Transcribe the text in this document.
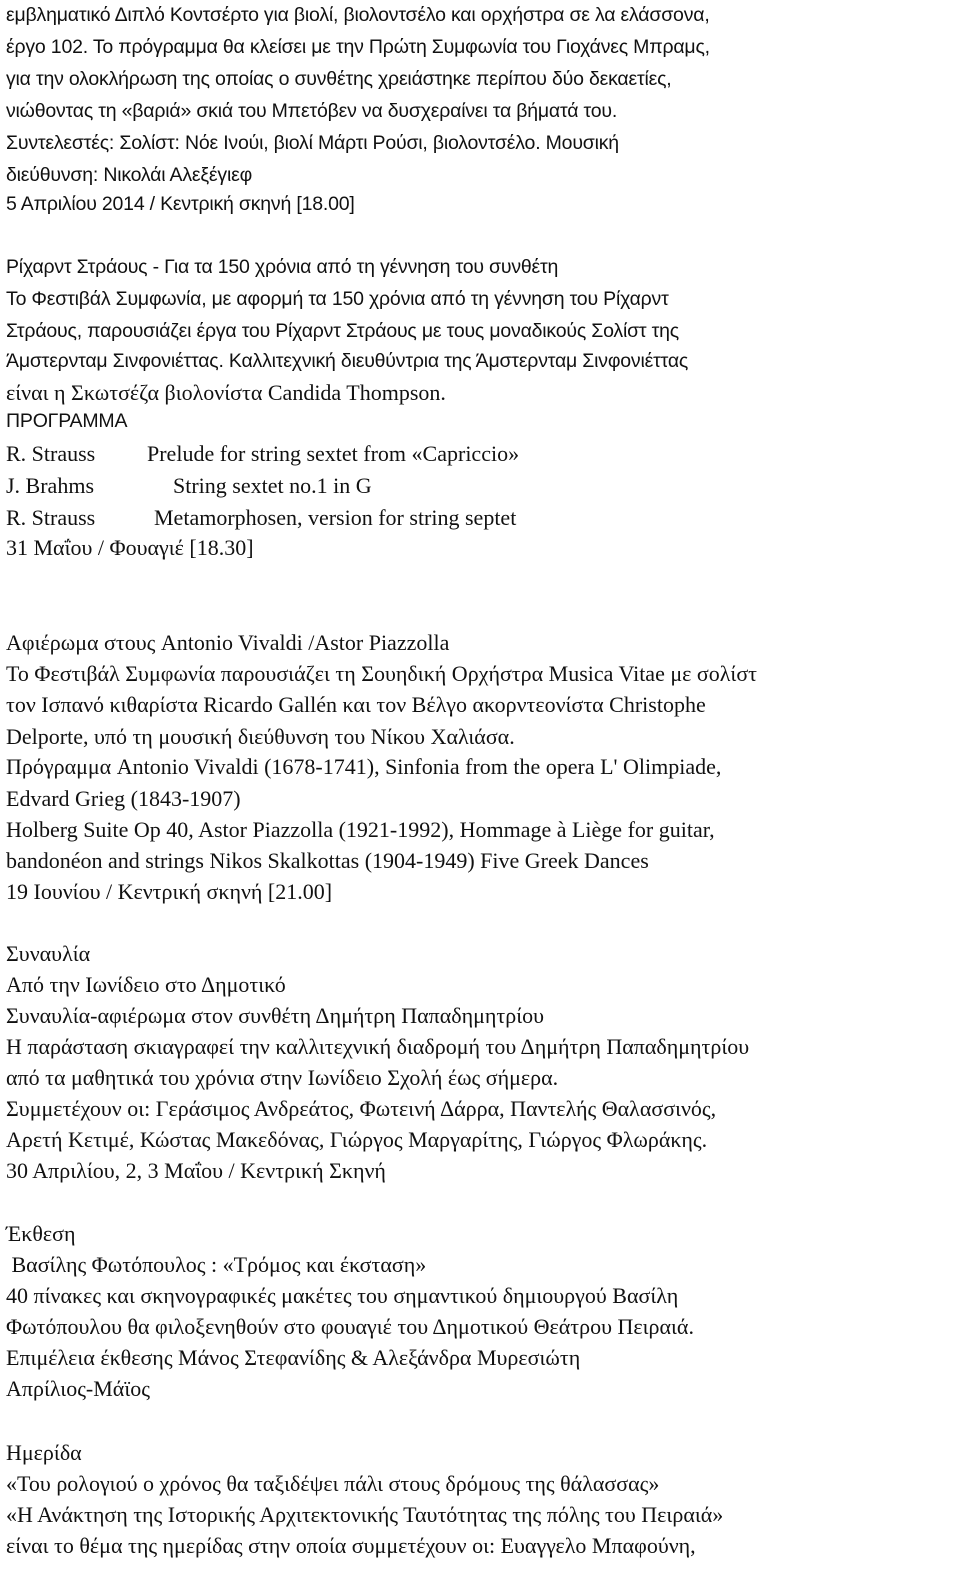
εμβληματικό Διπλό Κοντσέρτο για βιολί, βιολοντσέλο και ορχήστρα σε λα ελάσσονα,
έργο 102. Το πρόγραμμα θα κλείσει με την Πρώτη Συμφωνία του Γιοχάνες Μπραμς,
για την ολοκλήρωση της οποίας ο συνθέτης χρειάστηκε περίπου δύο δεκαετίες,
νιώθοντας τη «βαριά» σκιά του Μπετόβεν να δυσχεραίνει τα βήματά του.
Συντελεστές: Σολίστ: Νόε Ινούι, βιολί Μάρτι Ρούσι, βιολοντσέλο. Μουσική
διεύθυνση: Νικολάι Αλεξέγιεφ
5 Απριλίου 2014 / Κεντρική σκηνή [18.00]
Ρίχαρντ Στράους - Για τα 150 χρόνια από τη γέννηση του συνθέτη
Το Φεστιβάλ Συμφωνία, με αφορμή τα 150 χρόνια από τη γέννηση του Ρίχαρντ
Στράους, παρουσιάζει έργα του Ρίχαρντ Στράους με τους μοναδικούς Σολίστ της
Άμστερνταμ Σινφονιέττας. Καλλιτεχνική διευθύντρια της Άμστερνταμ Σινφονιέττας
είναι η Σκωτσέζα βιολονίστα Candida Thompson.
ΠΡΟΓΡΑΜΜΑ
R. Strauss Prelude for string sextet from «Capriccio»
J. Brahms	String sextet no.1 in G
R. Strauss	Metamorphosen, version for string septet
31 Μαΐου / Φουαγιέ [18.30]
Αφιέρωμα στους Antonio Vivaldi /Astor Piazzolla
Το Φεστιβάλ Συμφωνία παρουσιάζει τη Σουηδική Ορχήστρα Musica Vitae με σολίστ
τον Ισπανό κιθαρίστα Ricardo Gallén και τον Βέλγο ακορντεονίστα Christophe
Delporte, υπό τη μουσική διεύθυνση του Νίκου Χαλιάσα.
Πρόγραμμα Antonio Vivaldi (1678-1741), Sinfonia from the opera L' Olimpiade,
Edvard Grieg (1843-1907)
Holberg Suite Op 40, Astor Piazzolla (1921-1992), Hommage à Liège for guitar,
bandonéon and strings Nikos Skalkottas (1904-1949) Five Greek Dances
19 Ιουνίου / Κεντρική σκηνή [21.00]
Συναυλία
Από την Ιωνίδειο στο Δημοτικό
Συναυλία-αφιέρωμα στον συνθέτη Δημήτρη Παπαδημητρίου
Η παράσταση σκιαγραφεί την καλλιτεχνική διαδρομή του Δημήτρη Παπαδημητρίου
από τα μαθητικά του χρόνια στην Ιωνίδειο Σχολή έως σήμερα.
Συμμετέχουν οι: Γεράσιμος Ανδρεάτος, Φωτεινή Δάρρα, Παντελής Θαλασσινός,
Αρετή Κετιμέ, Κώστας Μακεδόνας, Γιώργος Μαργαρίτης, Γιώργος Φλωράκης.
30 Απριλίου, 2, 3 Μαΐου / Κεντρική Σκηνή
Έκθεση
Βασίλης Φωτόπουλος : «Τρόμος και έκσταση»
40 πίνακες και σκηνογραφικές μακέτες του σημαντικού δημιουργού Βασίλη
Φωτόπουλου θα φιλοξενηθούν στο φουαγιέ του Δημοτικού Θεάτρου Πειραιά.
Επιμέλεια έκθεσης Μάνος Στεφανίδης & Αλεξάνδρα Μυρεσιώτη
Απρίλιος-Μάϊος
Ημερίδα
«Του ρολογιού ο χρόνος θα ταξιδέψει πάλι στους δρόμους της θάλασσας»
«Η Ανάκτηση της Ιστορικής Αρχιτεκτονικής Ταυτότητας της πόλης του Πειραιά»
είναι το θέμα της ημερίδας στην οποία συμμετέχουν οι: Ευαγγελο Μπαφούνη,
